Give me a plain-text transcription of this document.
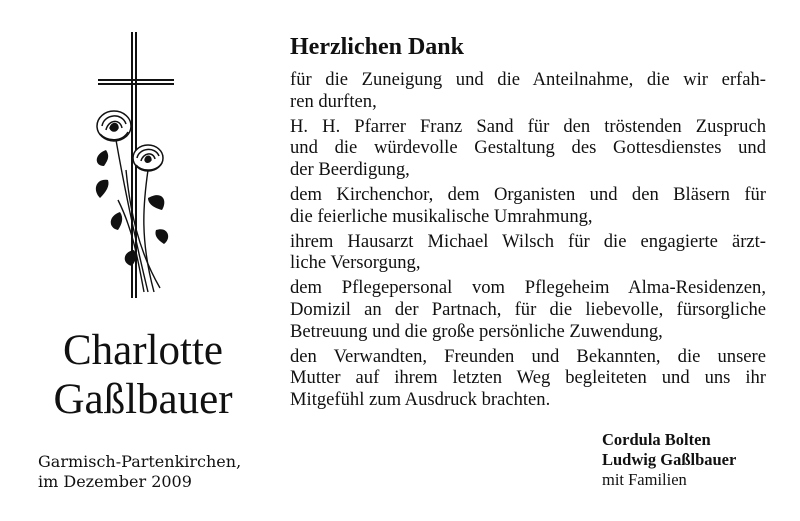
Charlotte
Gaßlbauer
Garmisch-Partenkirchen,
im Dezember 2009
Herzlichen Dank
für die Zuneigung und die Anteilnahme, die wir erfah-
ren durften,
H. H. Pfarrer Franz Sand für den tröstenden Zuspruch
und die würdevolle Gestaltung des Gottesdienstes und
der Beerdigung,
dem Kirchenchor, dem Organisten und den Bläsern für
die feierliche musikalische Umrahmung,
ihrem Hausarzt Michael Wilsch für die engagierte ärzt-
liche Versorgung,
dem Pflegepersonal vom Pflegeheim Alma-Residenzen,
Domizil an der Partnach, für die liebevolle, fürsorgliche
Betreuung und die große persönliche Zuwendung,
den Verwandten, Freunden und Bekannten, die unsere
Mutter auf ihrem letzten Weg begleiteten und uns ihr
Mitgefühl zum Ausdruck brachten.
Cordula Bolten
Ludwig Gaßlbauer
mit Familien
